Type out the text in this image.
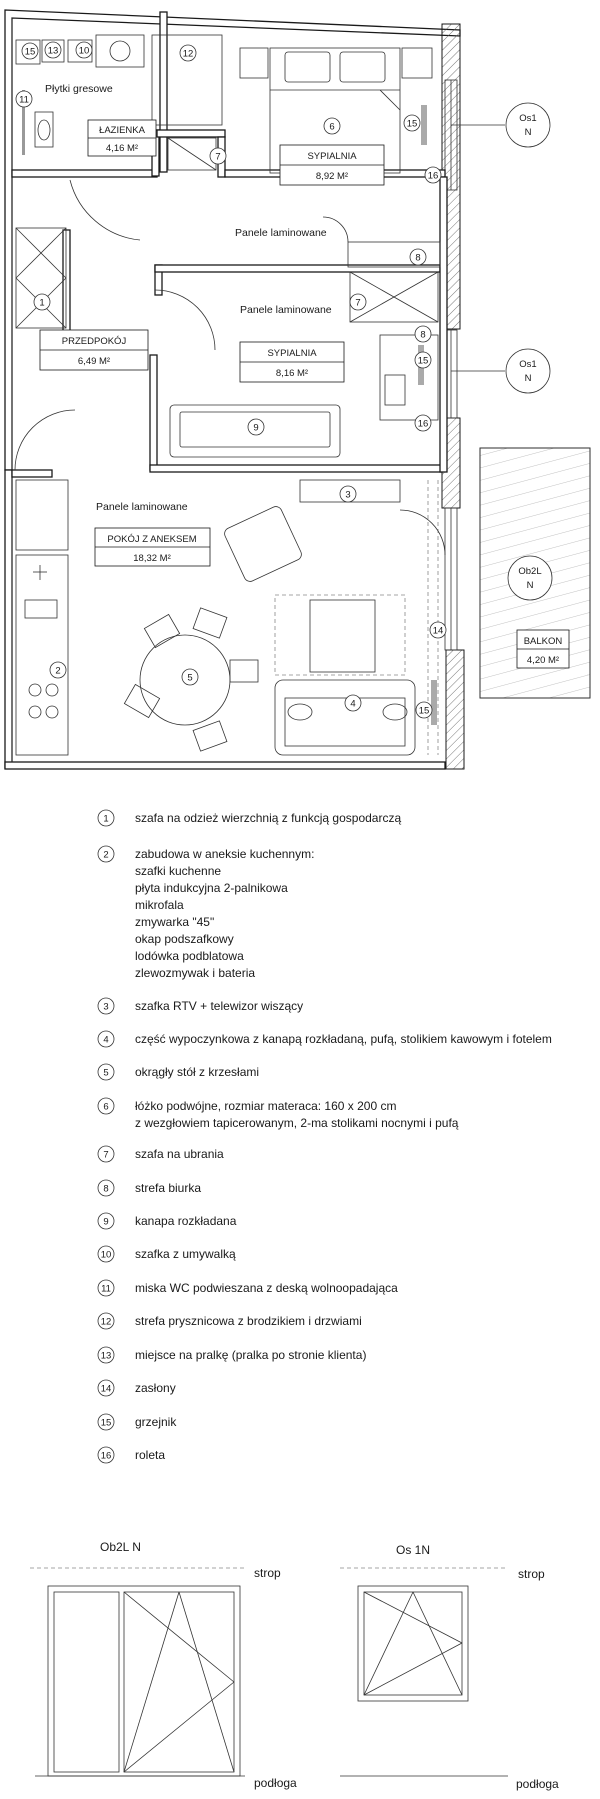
ŁAZIENKA
4,16 M²
SYPIALNIA
8,92 M²
PRZEDPOKÓJ
6,49 M²
SYPIALNIA
8,16 M²
POKÓJ Z ANEKSEM
18,32 M²
BALKON
4,20 M²
Płytki gresowe
Panele laminowane
Panele laminowane
Panele laminowane
Os1
N
Os1
N
Ob2L
N
15 13 10	12
11
6	15
7
16
8
7
1
8
15
9	16
3
2
5
4
14
15
1 szafa na odzież wierzchnią z funkcją gospodarczą
2 zabudowa w aneksie kuchennym:
szafki kuchenne
płyta indukcyjna 2-palnikowa
mikrofala
zmywarka "45"
okap podszafkowy
lodówka podblatowa
zlewozmywak i bateria
3 szafka RTV + telewizor wiszący
4 część wypoczynkowa z kanapą rozkładaną, pufą, stolikiem kawowym i fotelem
5 okrągły stół z krzesłami
6 łóżko podwójne, rozmiar materaca: 160 x 200 cm
z wezgłowiem tapicerowanym, 2-ma stolikami nocnymi i pufą
7 szafa na ubrania
8 strefa biurka
9 kanapa rozkładana
10 szafka z umywalką
11 miska WC podwieszana z deską wolnoopadająca
12 strefa prysznicowa z brodzikiem i drzwiami
13 miejsce na pralkę (pralka po stronie klienta)
14 zasłony
15 grzejnik
16 roleta
Ob2L N
strop
podłoga
Os 1N
strop
podłoga
